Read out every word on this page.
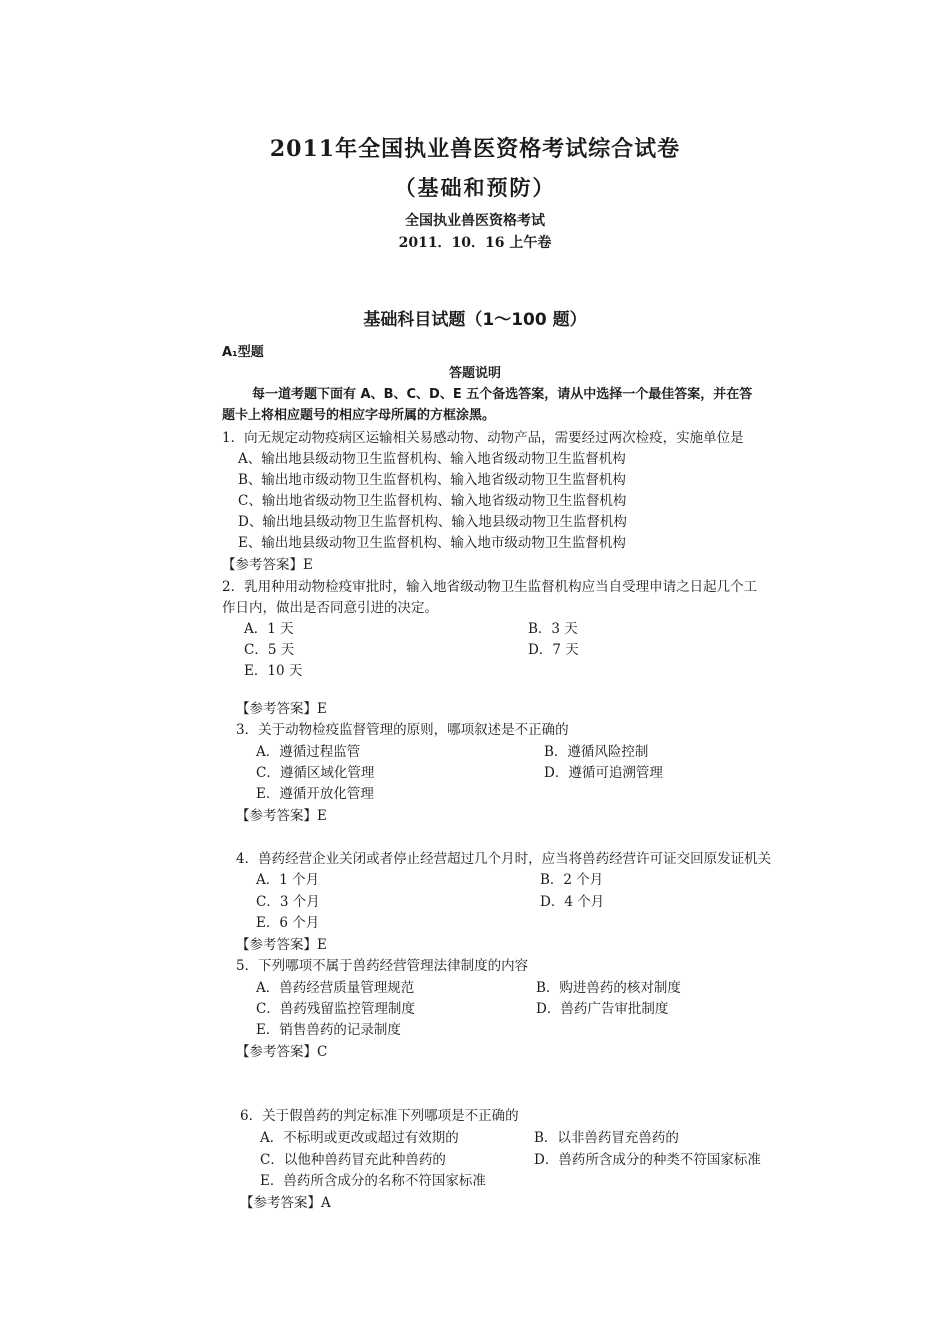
2011年全国执业兽医资格考试综合试卷
（基础和预防）
全国执业兽医资格考试
2011．10．16 上午卷
基础科目试题（1～100 题）
A₁型题
答题说明
每一道考题下面有 A、B、C、D、E 五个备选答案，请从中选择一个最佳答案，并在答
题卡上将相应题号的相应字母所属的方框涂黑。
1．向无规定动物疫病区运输相关易感动物、动物产品，需要经过两次检疫，实施单位是
A、输出地县级动物卫生监督机构、输入地省级动物卫生监督机构
B、输出地市级动物卫生监督机构、输入地省级动物卫生监督机构
C、输出地省级动物卫生监督机构、输入地省级动物卫生监督机构
D、输出地县级动物卫生监督机构、输入地县级动物卫生监督机构
E、输出地县级动物卫生监督机构、输入地市级动物卫生监督机构
【参考答案】E
2．乳用种用动物检疫审批时，输入地省级动物卫生监督机构应当自受理申请之日起几个工
作日内，做出是否同意引进的决定。
A．1 天	B．3 天
C．5 天	D．7 天
E．10 天
【参考答案】E
3．关于动物检疫监督管理的原则，哪项叙述是不正确的
A．遵循过程监管	B．遵循风险控制
C．遵循区域化管理	D．遵循可追溯管理
E．遵循开放化管理
【参考答案】E
4．兽药经营企业关闭或者停止经营超过几个月时，应当将兽药经营许可证交回原发证机关
A．1 个月	B．2 个月
C．3 个月	D．4 个月
E．6 个月
【参考答案】E
5．下列哪项不属于兽药经营管理法律制度的内容
A．兽药经营质量管理规范	B．购进兽药的核对制度
C．兽药残留监控管理制度	D．兽药广告审批制度
E．销售兽药的记录制度
【参考答案】C
6．关于假兽药的判定标准下列哪项是不正确的
A．不标明或更改或超过有效期的	B．以非兽药冒充兽药的
C．以他种兽药冒充此种兽药的	D．兽药所含成分的种类不符国家标准
E．兽药所含成分的名称不符国家标准
【参考答案】A
